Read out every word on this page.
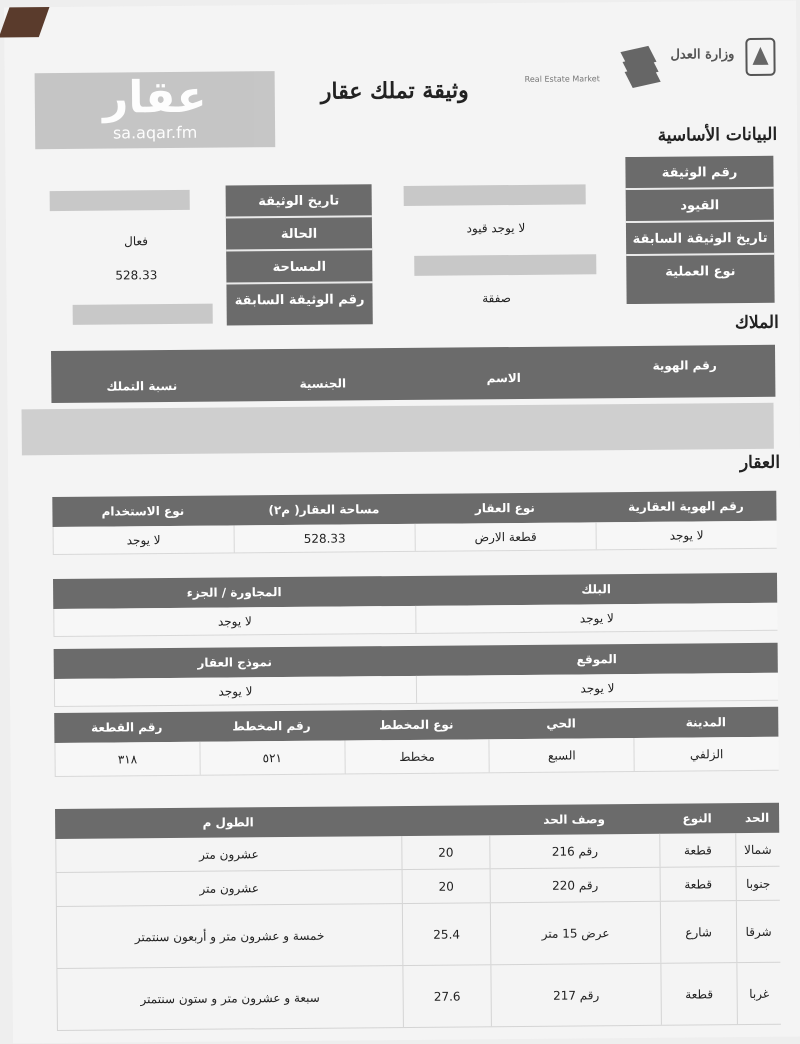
عقار
sa.aqar.fm
وثيقة تملك عقار	Real Estate Market
وزارة العدل
البيانات الأساسية
رقم الوثيقة
القيود
تاريخ الوثيقة السابقة
نوع العملية
لا يوجد قيود
صفقة
تاريخ الوثيقة
الحالة
المساحة
رقم الوثيقة السابقة
فعال
528.33
الملاك
رقم الهوية
الاسم
الجنسية
نسبة التملك
العقار
رقم الهوية العقارية
نوع العقار
مساحة العقار( م٢)
نوع الاستخدام
لا يوجد
قطعة الارض
528.33
لا يوجد
البلك
المجاورة / الجزء
لا يوجد
لا يوجد
الموقع
نموذج العقار
لا يوجد
لا يوجد
المدينة
الحي
نوع المخطط
رقم المخطط
رقم القطعة
الزلفي
السبع
مخطط
٥٢١
٣١٨
الحد
النوع
وصف الحد
الطول م
شمالا
قطعة
رقم 216
20
عشرون متر
جنوبا
قطعة
رقم 220
20
عشرون متر
شرقا
شارع
عرض 15 متر
25.4
خمسة و عشرون متر و أربعون سنتمتر
غربا
قطعة
رقم 217
27.6
سبعة و عشرون متر و ستون سنتمتر
